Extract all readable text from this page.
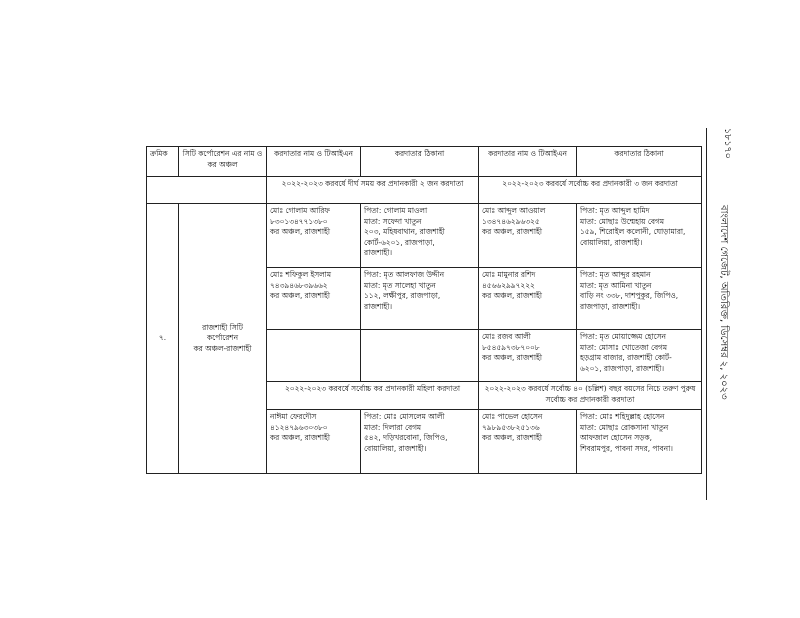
১৮১৭০
বাংলাদেশ গেজেট, অতিরিক্ত, ডিসেম্বর ২, ২০২৩
ক্রমিক	সিটি কর্পোরেশন এর নাম ও কর অঞ্চল	করদাতার নাম ও টিআইএন	করদাতার ঠিকানা	করদাতার নাম ও টিআইএন	করদাতার ঠিকানা
		২০২২-২০২৩ করবর্ষে দীর্ঘ সময় কর প্রদানকারী ২ জন করদাতা		২০২২-২০২৩ করবর্ষে সর্বোচ্চ কর প্রদানকারী ৩ জন করদাতা	
৭.	রাজশাহী সিটি
কর্পোরেশন
কর অঞ্চল-রাজশাহী	মোঃ গোলাম আরিফ
৮৩০১৩৪৭৭১৩৮০
কর অঞ্চল, রাজশাহী	পিতা: গোলাম মাওলা
মাতা: সফেদা খাতুন
২০৩, মহিষবাথান, রাজশাহী
কোর্ট-৬২০১, রাজপাড়া,
রাজশাহী।	মোঃ আব্দুল আওয়াল
১৩৪৭৪৬২৯৬৩২৫
কর অঞ্চল, রাজশাহী	পিতা: মৃত আব্দুল হামিদ
মাতা: মোছাঃ উম্মেহায় বেগম
১৫৯, শিরোইল কলোনী, ঘোড়ামারা,
বোয়ালিয়া, রাজশাহী।

		মোঃ শফিকুল ইসলাম
৭৪৩৯৪৬৮৩৯৬৬২
কর অঞ্চল, রাজশাহী	পিতা: মৃত আলফাজ উদ্দীন
মাতা: মৃত সালেহা খাতুন
১১২, লক্ষীপুর, রাজপাড়া,
রাজশাহী।	মোঃ মামুনার রশিদ
৪৫৬৬২৯৯৭২২২
কর অঞ্চল, রাজশাহী	পিতা: মৃত আব্দুর রহমান
মাতা: মৃত আমিনা খাতুন
বাড়ি নং ৩৩৮, দাশপুকুর, জিপিও,
রাজপাড়া, রাজশাহী।

				মোঃ রজব আলী
৮৫৪৫৯৭৩৮৭০০৮
কর অঞ্চল, রাজশাহী	পিতা: মৃত মোয়াজ্জেম হোসেন
মাতা: মোসাঃ খোতেজা বেগম
হড়গ্রাম বাজার, রাজশাহী কোর্ট-
৬২০১, রাজপাড়া, রাজশাহী।

		২০২২-২০২৩ করবর্ষে সর্বোচ্চ কর প্রদানকারী মহিলা করদাতা		২০২২-২০২৩ করবর্ষে সর্বোচ্চ ৪০ (চল্লিশ) বছর বয়সের নিচে তরুণ পুরুষ সর্বোচ্চ কর প্রদানকারী করদাতা	

		নাঈমা ফেরদৌস
৪১২৪৭৯৬৩০৩৮০
কর অঞ্চল, রাজশাহী	পিতা: মোঃ মোসলেম আলী
মাতা: দিলারা বেগম
৫৪২, দড়িখরবোনা, জিপিও,
বোয়ালিয়া, রাজশাহী।	মোঃ পাভেল হোসেন
৭৯৮৯৫৩৮২৫১৩৬
কর অঞ্চল, রাজশাহী	পিতা: মোঃ শহিদুল্লাহ হোসেন
মাতা: মোছাঃ রোকসানা খাতুন
আফজাল হোসেন সড়ক,
শিবরামপুর, পাবনা সদর, পাবনা।
